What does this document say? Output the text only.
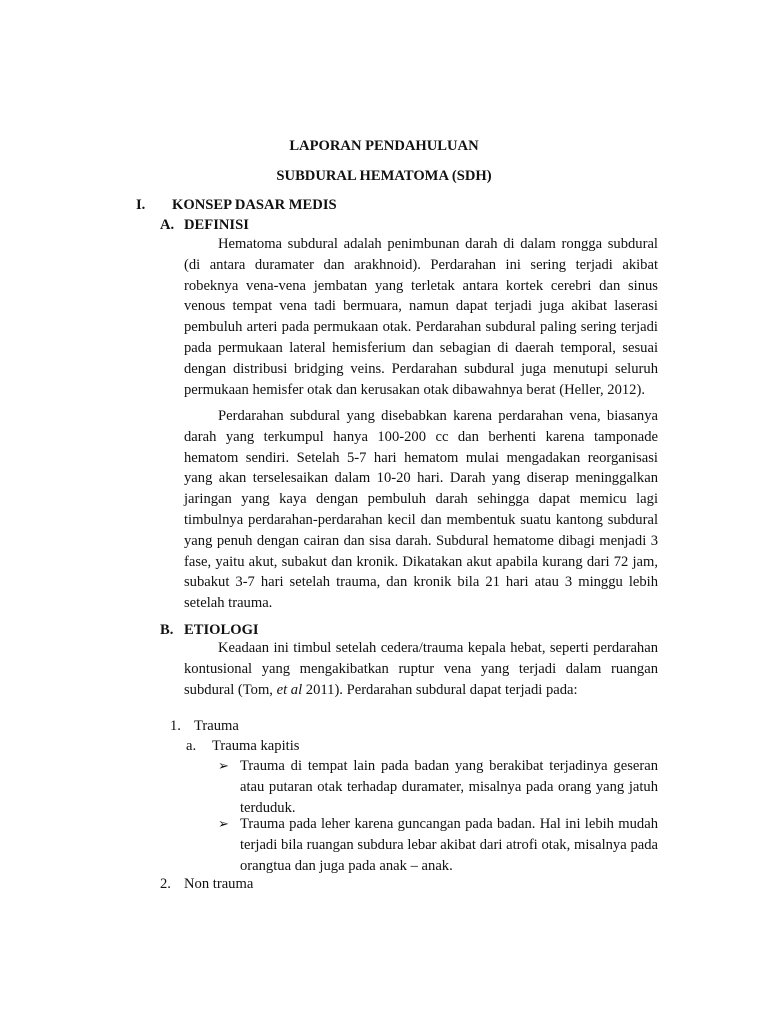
LAPORAN PENDAHULUAN
SUBDURAL HEMATOMA (SDH)
I. KONSEP DASAR MEDIS
A. DEFINISI

Hematoma subdural adalah penimbunan darah di dalam rongga subdural (di antara duramater dan arakhnoid). Perdarahan ini sering terjadi akibat robeknya vena-vena jembatan yang terletak antara kortek cerebri dan sinus venous tempat vena tadi bermuara, namun dapat terjadi juga akibat laserasi pembuluh arteri pada permukaan otak. Perdarahan subdural paling sering terjadi pada permukaan lateral hemisferium dan sebagian di daerah temporal, sesuai dengan distribusi bridging veins. Perdarahan subdural juga menutupi seluruh permukaan hemisfer otak dan kerusakan otak dibawahnya berat (Heller, 2012).

Perdarahan subdural yang disebabkan karena perdarahan vena, biasanya darah yang terkumpul hanya 100-200 cc dan berhenti karena tamponade hematom sendiri. Setelah 5-7 hari hematom mulai mengadakan reorganisasi yang akan terselesaikan dalam 10-20 hari. Darah yang diserap meninggalkan jaringan yang kaya dengan pembuluh darah sehingga dapat memicu lagi timbulnya perdarahan-perdarahan kecil dan membentuk suatu kantong subdural yang penuh dengan cairan dan sisa darah. Subdural hematome dibagi menjadi 3 fase, yaitu akut, subakut dan kronik. Dikatakan akut apabila kurang dari 72 jam, subakut 3-7 hari setelah trauma, dan kronik bila 21 hari atau 3 minggu lebih setelah trauma.

B. ETIOLOGI

Keadaan ini timbul setelah cedera/trauma kepala hebat, seperti perdarahan kontusional yang mengakibatkan ruptur vena yang terjadi dalam ruangan subdural (Tom, et al 2011). Perdarahan subdural dapat terjadi pada:

1. Trauma
a. Trauma kapitis
➢ Trauma di tempat lain pada badan yang berakibat terjadinya geseran atau putaran otak terhadap duramater, misalnya pada orang yang jatuh terduduk.
➢ Trauma pada leher karena guncangan pada badan. Hal ini lebih mudah terjadi bila ruangan subdura lebar akibat dari atrofi otak, misalnya pada orangtua dan juga pada anak – anak.
2. Non trauma
